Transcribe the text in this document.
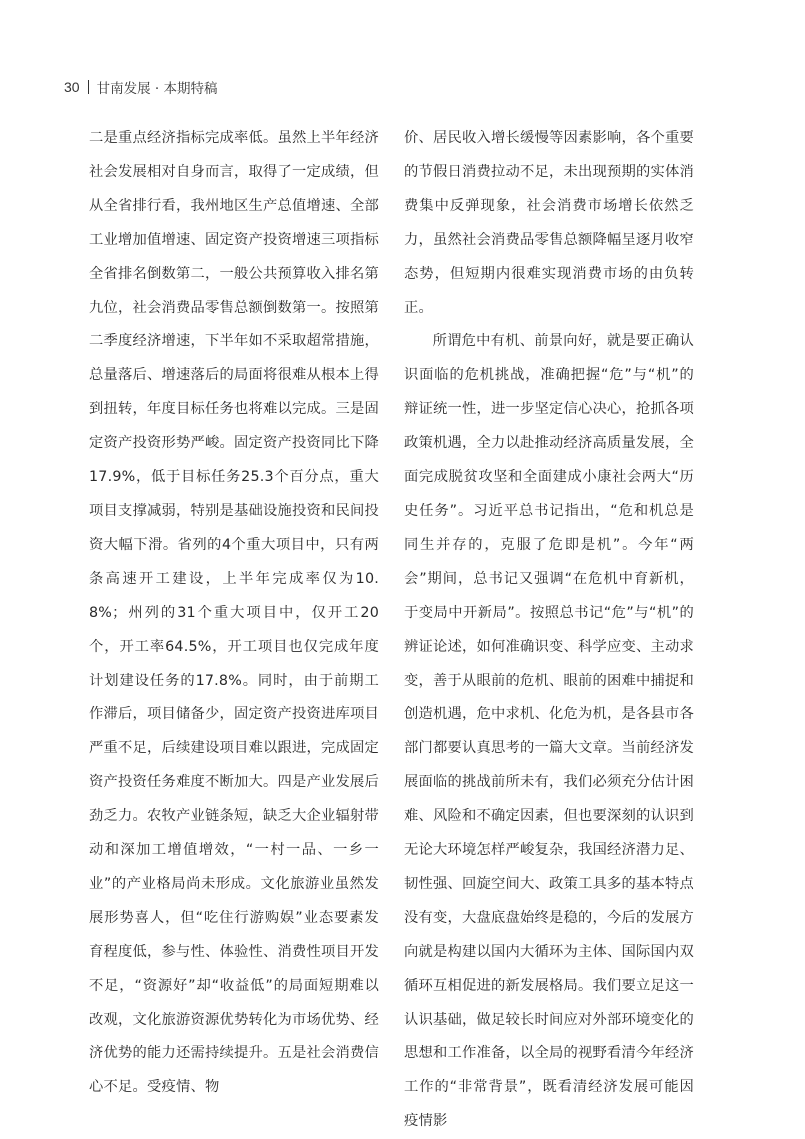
30 甘南发展 · 本期特稿

二是重点经济指标完成率低。虽然上半年经济社会发展相对自身而言，取得了一定成绩，但从全省排行看，我州地区生产总值增速、全部工业增加值增速、固定资产投资增速三项指标全省排名倒数第二，一般公共预算收入排名第九位，社会消费品零售总额倒数第一。按照第二季度经济增速，下半年如不采取超常措施，总量落后、增速落后的局面将很难从根本上得到扭转，年度目标任务也将难以完成。三是固定资产投资形势严峻。固定资产投资同比下降17.9%，低于目标任务25.3个百分点，重大项目支撑减弱，特别是基础设施投资和民间投资大幅下滑。省列的4个重大项目中，只有两条高速开工建设，上半年完成率仅为10.8%；州列的31个重大项目中，仅开工20个，开工率64.5%，开工项目也仅完成年度计划建设任务的17.8%。同时，由于前期工作滞后，项目储备少，固定资产投资进库项目严重不足，后续建设项目难以跟进，完成固定资产投资任务难度不断加大。四是产业发展后劲乏力。农牧产业链条短，缺乏大企业辐射带动和深加工增值增效，“一村一品、一乡一业”的产业格局尚未形成。文化旅游业虽然发展形势喜人，但“吃住行游购娱”业态要素发育程度低，参与性、体验性、消费性项目开发不足，“资源好”却“收益低”的局面短期难以改观，文化旅游资源优势转化为市场优势、经济优势的能力还需持续提升。五是社会消费信心不足。受疫情、物

价、居民收入增长缓慢等因素影响，各个重要的节假日消费拉动不足，未出现预期的实体消费集中反弹现象，社会消费市场增长依然乏力，虽然社会消费品零售总额降幅呈逐月收窄态势，但短期内很难实现消费市场的由负转正。

所谓危中有机、前景向好，就是要正确认识面临的危机挑战，准确把握“危”与“机”的辩证统一性，进一步坚定信心决心，抢抓各项政策机遇，全力以赴推动经济高质量发展，全面完成脱贫攻坚和全面建成小康社会两大“历史任务”。习近平总书记指出，“危和机总是同生并存的，克服了危即是机”。今年“两会”期间，总书记又强调“在危机中育新机，于变局中开新局”。按照总书记“危”与“机”的辨证论述，如何准确识变、科学应变、主动求变，善于从眼前的危机、眼前的困难中捕捉和创造机遇，危中求机、化危为机，是各县市各部门都要认真思考的一篇大文章。当前经济发展面临的挑战前所未有，我们必须充分估计困难、风险和不确定因素，但也要深刻的认识到无论大环境怎样严峻复杂，我国经济潜力足、韧性强、回旋空间大、政策工具多的基本特点没有变，大盘底盘始终是稳的，今后的发展方向就是构建以国内大循环为主体、国际国内双循环互相促进的新发展格局。我们要立足这一认识基础，做足较长时间应对外部环境变化的思想和工作准备，以全局的视野看清今年经济工作的“非常背景”，既看清经济发展可能因疫情影
